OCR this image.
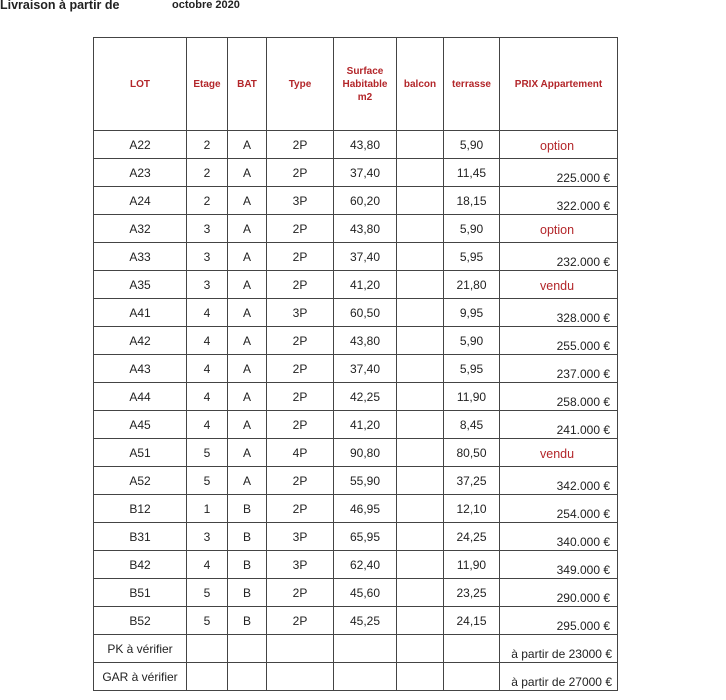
Livraison à partir de	octobre 2020
LOT	Etage	BAT	Type	Surface Habitable m2	balcon	terrasse	PRIX Appartement
A22	2	A	2P	43,80		5,90	option

A23	2	A	2P	37,40		11,45	225.000 €

A24	2	A	3P	60,20		18,15	322.000 €

A32	3	A	2P	43,80		5,90	option

A33	3	A	2P	37,40		5,95	232.000 €

A35	3	A	2P	41,20		21,80	vendu

A41	4	A	3P	60,50		9,95	328.000 €

A42	4	A	2P	43,80		5,90	255.000 €

A43	4	A	2P	37,40		5,95	237.000 €

A44	4	A	2P	42,25		11,90	258.000 €

A45	4	A	2P	41,20		8,45	241.000 €

A51	5	A	4P	90,80		80,50	vendu

A52	5	A	2P	55,90		37,25	342.000 €

B12	1	B	2P	46,95		12,10	254.000 €

B31	3	B	3P	65,95		24,25	340.000 €

B42	4	B	3P	62,40		11,90	349.000 €

B51	5	B	2P	45,60		23,25	290.000 €

B52	5	B	2P	45,25		24,15	295.000 €

PK à vérifier							à partir de 23000 €

GAR à vérifier							à partir de 27000 €
